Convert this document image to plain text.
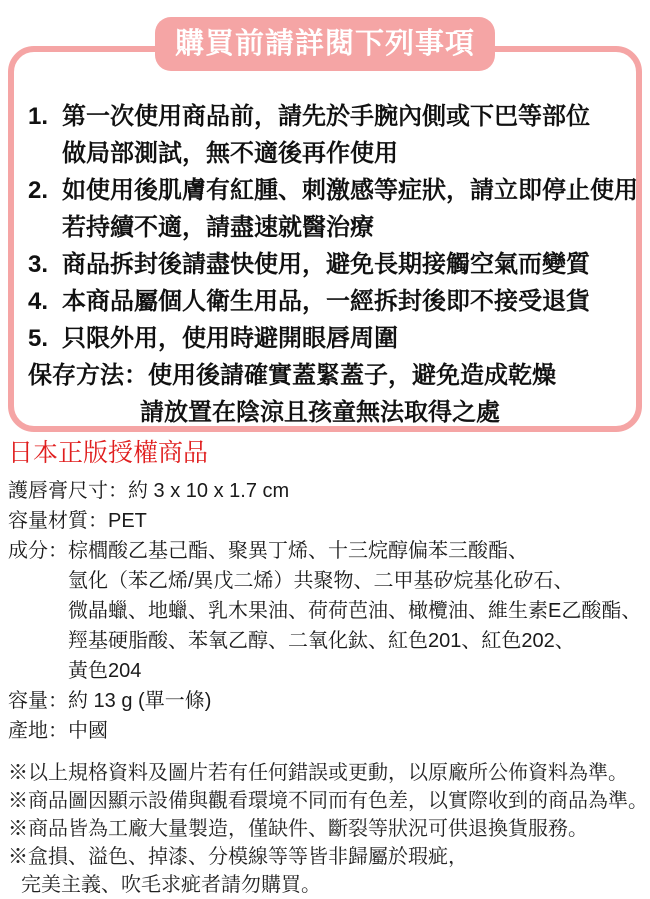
購買前請詳閱下列事項
1. 第一次使用商品前，請先於手腕內側或下巴等部位
做局部測試，無不適後再作使用
2. 如使用後肌膚有紅腫、刺激感等症狀，請立即停止使用
若持續不適，請盡速就醫治療
3. 商品拆封後請盡快使用，避免長期接觸空氣而變質
4. 本商品屬個人衛生用品，一經拆封後即不接受退貨
5. 只限外用，使用時避開眼唇周圍
保存方法： 使用後請確實蓋緊蓋子，避免造成乾燥
請放置在陰涼且孩童無法取得之處
日本正版授權商品
護唇膏尺寸：約 3 x 10 x 1.7 cm
容量材質：PET
成分： 棕櫚酸乙基己酯、聚異丁烯、十三烷醇偏苯三酸酯、
氫化（苯乙烯/異戊二烯）共聚物、二甲基矽烷基化矽石、
微晶蠟、地蠟、乳木果油、荷荷芭油、橄欖油、維生素E乙酸酯、
羥基硬脂酸、苯氧乙醇、二氧化鈦、紅色201、紅色202、
黃色204
容量：約 13 g (單一條)
產地：中國
※以上規格資料及圖片若有任何錯誤或更動，以原廠所公佈資料為準。
※商品圖因顯示設備與觀看環境不同而有色差，以實際收到的商品為準。
※商品皆為工廠大量製造，僅缺件、斷裂等狀況可供退換貨服務。
※盒損、溢色、掉漆、分模線等等皆非歸屬於瑕疵，
完美主義、吹毛求疵者請勿購買。
